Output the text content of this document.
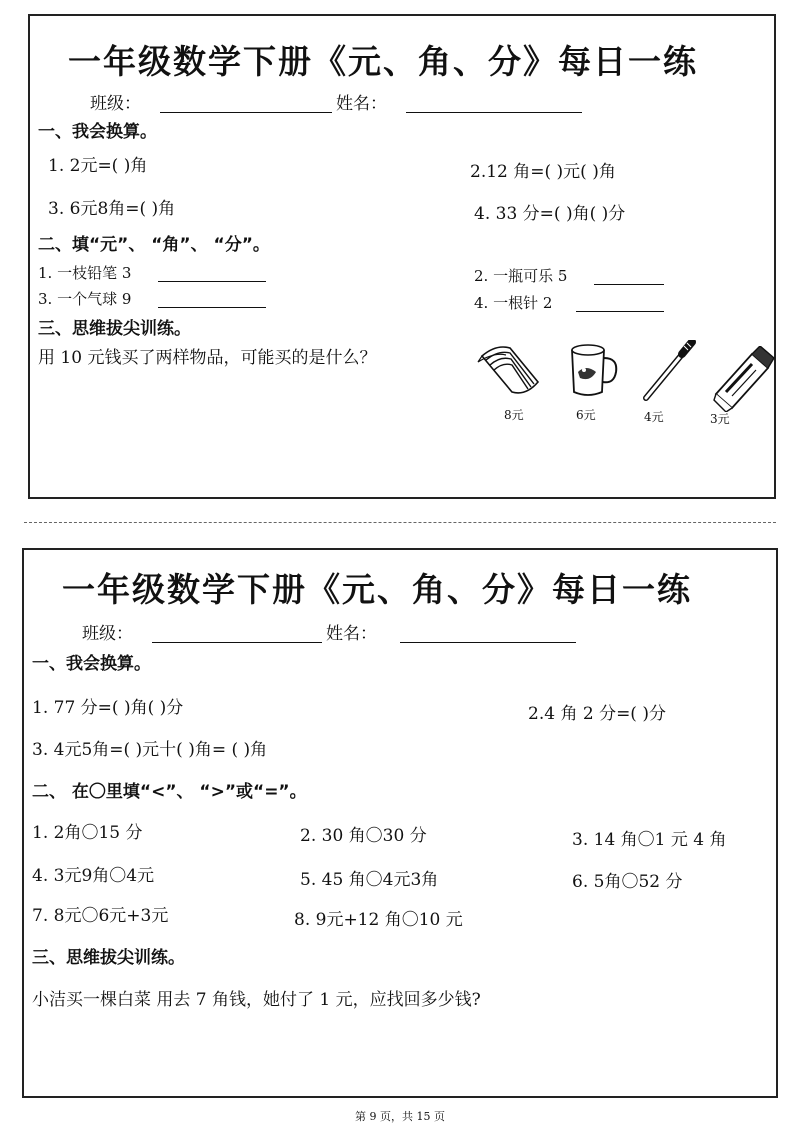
一年级数学下册《元、角、分》每日一练
班级：	姓名：
一、我会换算。
1. 2元=( )角	2.12 角=( )元( )角
3. 6元8角=( )角	4. 33 分=( )角( )分
二、填“元”、 “角”、 “分”。
1. 一枝铅笔 3	2. 一瓶可乐 5
3. 一个气球 9	4. 一根针 2
三、思维拔尖训练。
用 10 元钱买了两样物品，可能买的是什么？
8元	6元	4元	3元
一年级数学下册《元、角、分》每日一练
班级：	姓名：
一、我会换算。
1. 77 分=( )角( )分	2.4 角 2 分=( )分
3. 4元5角=( )元十( )角= ( )角
二、 在〇里填“<”、 “>”或“=”。
1. 2角〇15 分	2. 30 角〇30 分	3. 14 角〇1 元 4 角
4. 3元9角〇4元	5. 45 角〇4元3角	6. 5角〇52 分
7. 8元〇6元+3元	8. 9元+12 角〇10 元
三、思维拔尖训练。
小洁买一棵白菜 用去 7 角钱，她付了 1 元，应找回多少钱?
第 9 页，共 15 页
